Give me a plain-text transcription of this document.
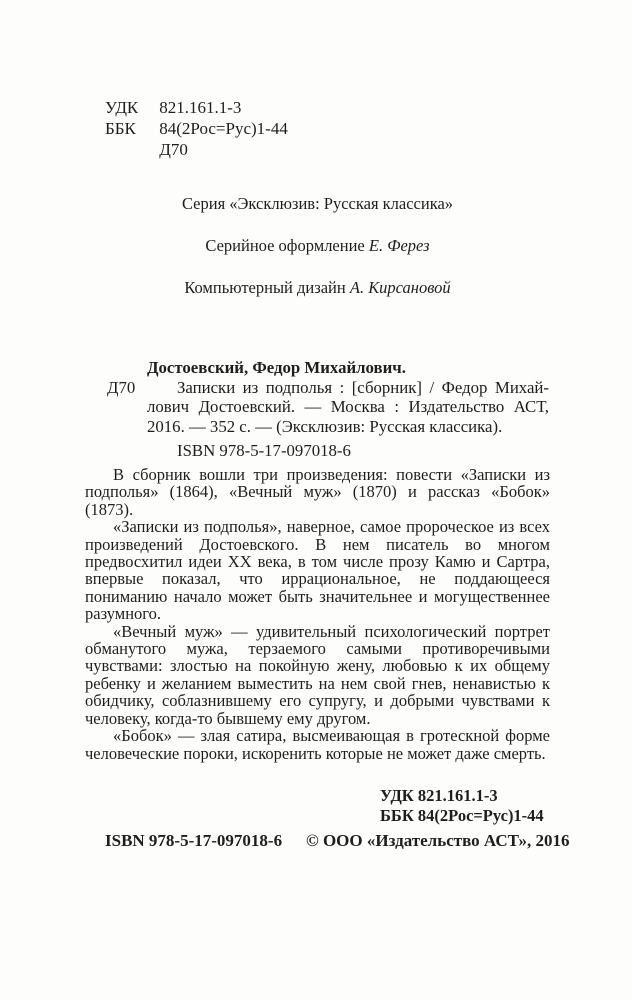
УДК 821.161.1-3
ББК 84(2Рос=Рус)1-44
Д70
Серия «Эксклюзив: Русская классика»
Серийное оформление Е. Ферез
Компьютерный дизайн А. Кирсановой
Достоевский, Федор Михайлович.
Д70	Записки из подполья : [сборник] / Федор Михайлович Достоевский. — Москва : Издательство АСТ, 2016. — 352 с. — (Эксклюзив: Русская классика).

ISBN 978-5-17-097018-6

В сборник вошли три произведения: повести «Записки из подполья» (1864), «Вечный муж» (1870) и рассказ «Бобок» (1873).

«Записки из подполья», наверное, самое пророческое из всех произведений Достоевского. В нем писатель во многом предвосхитил идеи XX века, в том числе прозу Камю и Сартра, впервые показал, что иррациональное, не поддающееся пониманию начало может быть значительнее и могущественнее разумного.

«Вечный муж» — удивительный психологический портрет обманутого мужа, терзаемого самыми противоречивыми чувствами: злостью на покойную жену, любовью к их общему ребенку и желанием выместить на нем свой гнев, ненавистью к обидчику, соблазнившему его супругу, и добрыми чувствами к человеку, когда-то бывшему ему другом.

«Бобок» — злая сатира, высмеивающая в гротескной форме человеческие пороки, искоренить которые не может даже смерть.

УДК 821.161.1-3
ББК 84(2Рос=Рус)1-44
ISBN 978-5-17-097018-6 © ООО «Издательство АСТ», 2016
